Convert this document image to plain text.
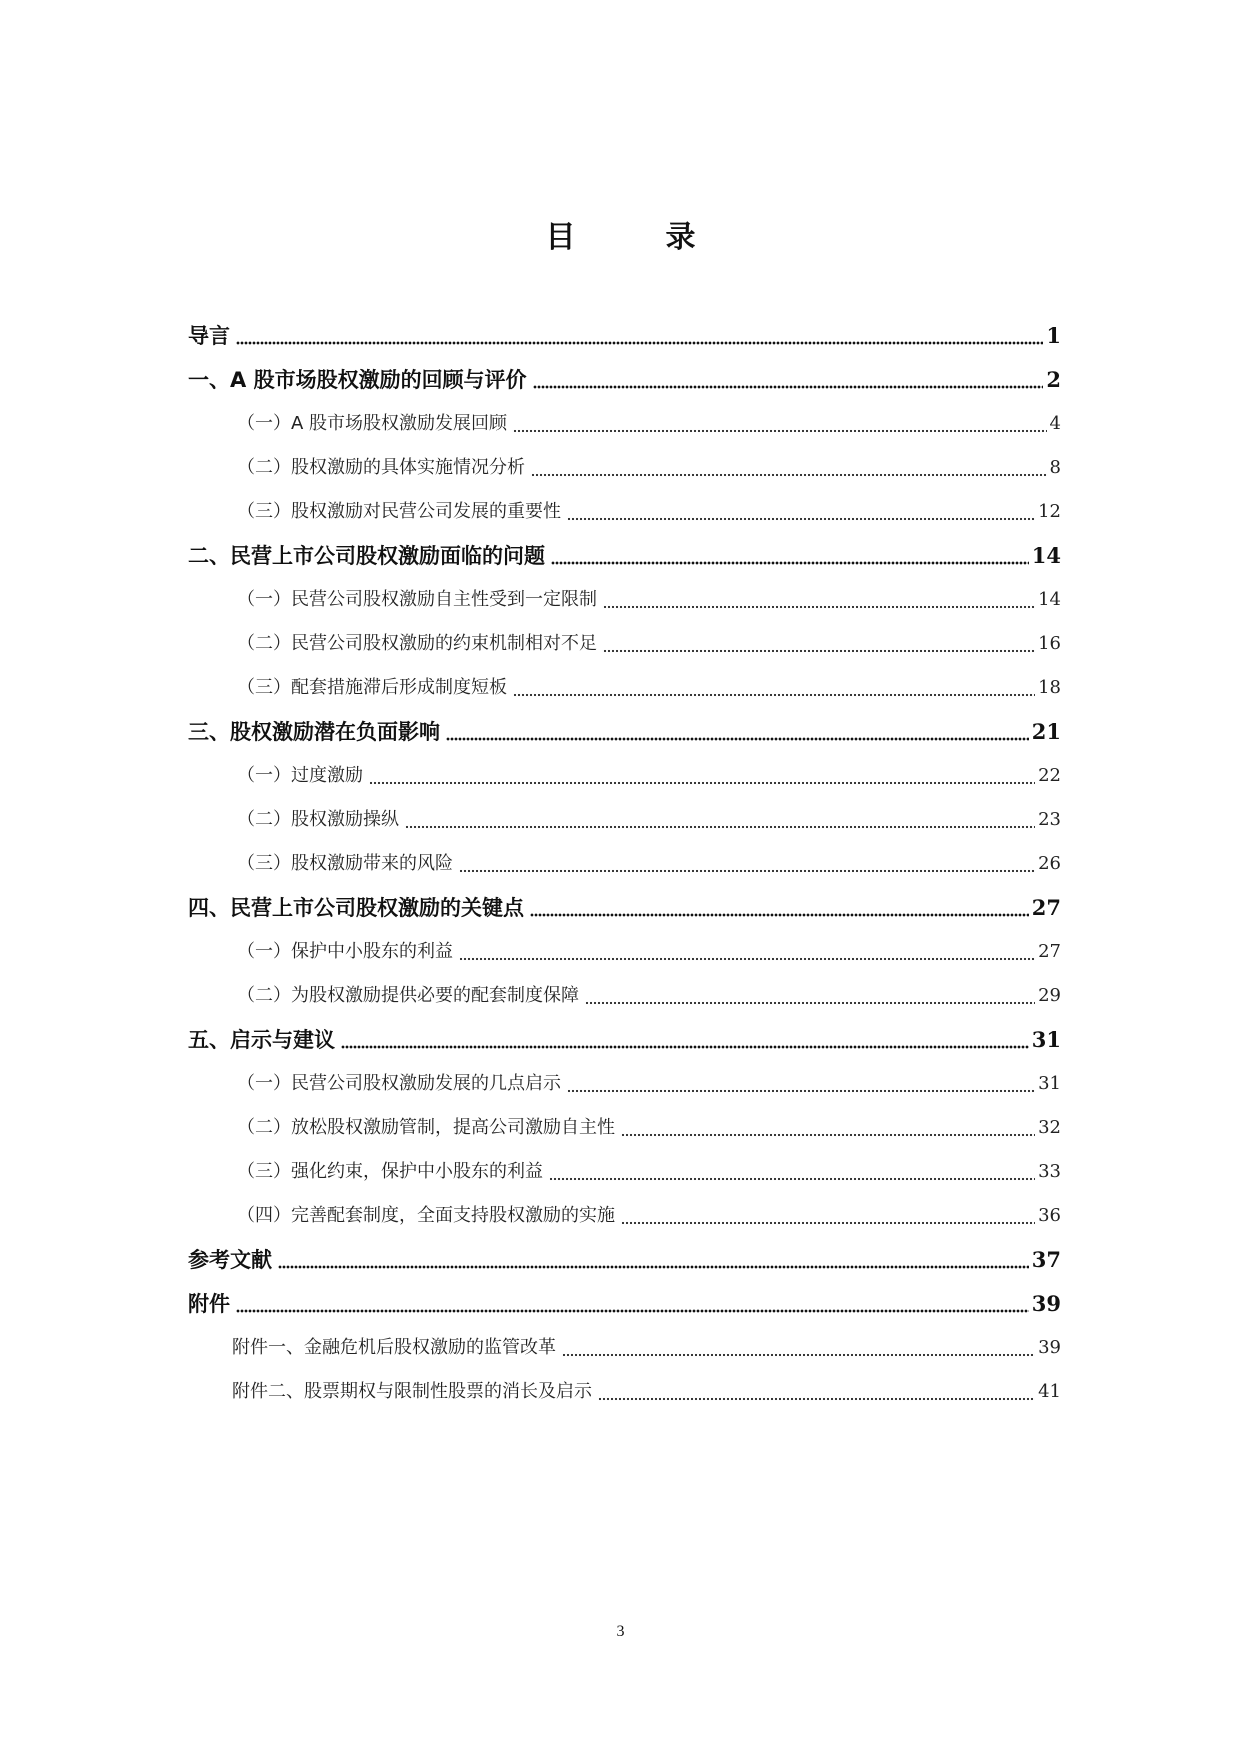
目　录
导言	1
一、A 股市场股权激励的回顾与评价	2
（一）A 股市场股权激励发展回顾	4
（二）股权激励的具体实施情况分析	8
（三）股权激励对民营公司发展的重要性	12
二、民营上市公司股权激励面临的问题	14
（一）民营公司股权激励自主性受到一定限制	14
（二）民营公司股权激励的约束机制相对不足	16
（三）配套措施滞后形成制度短板	18
三、股权激励潜在负面影响	21
（一）过度激励	22
（二）股权激励操纵	23
（三）股权激励带来的风险	26
四、民营上市公司股权激励的关键点	27
（一）保护中小股东的利益	27
（二）为股权激励提供必要的配套制度保障	29
五、启示与建议	31
（一）民营公司股权激励发展的几点启示	31
（二）放松股权激励管制，提高公司激励自主性	32
（三）强化约束，保护中小股东的利益	33
（四）完善配套制度，全面支持股权激励的实施	36
参考文献	37
附件	39
附件一、金融危机后股权激励的监管改革	39
附件二、股票期权与限制性股票的消长及启示	41
3
